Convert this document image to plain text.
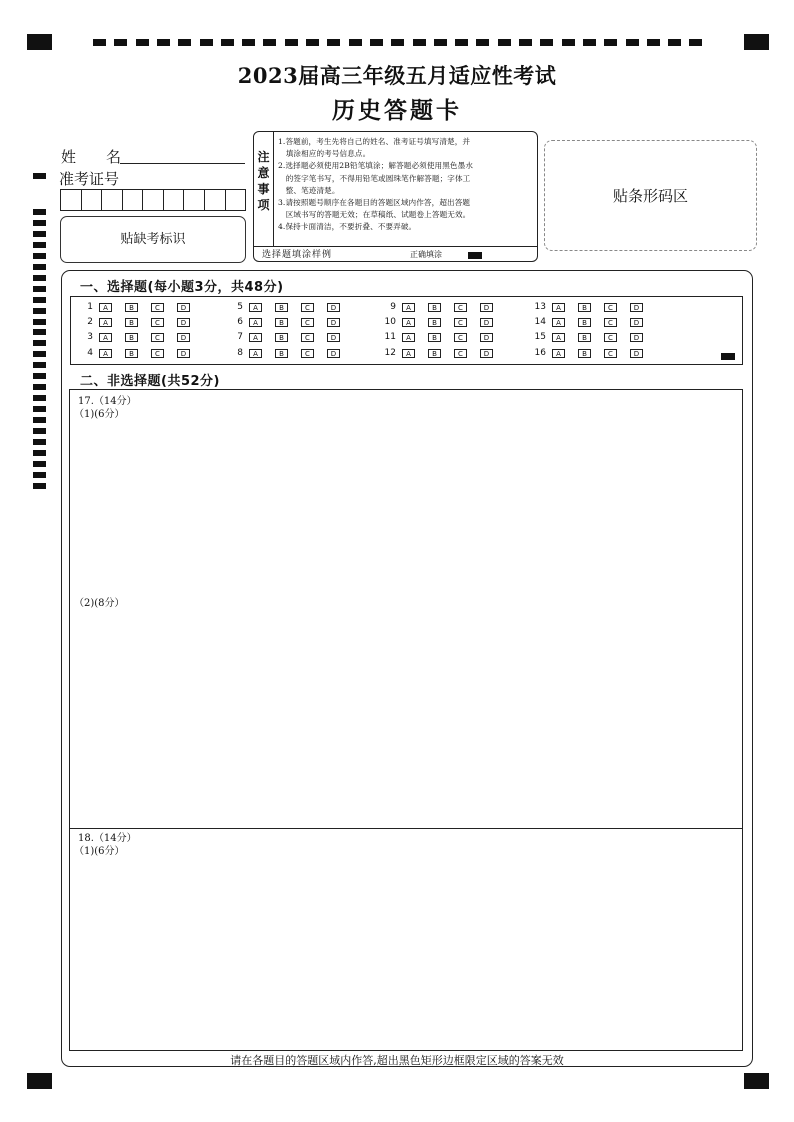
2023届高三年级五月适应性考试
历史答题卡
姓　　名
准考证号
贴缺考标识
注
意
事
项
1.答题前，考生先将自己的姓名、准考证号填写清楚，并
　填涂相应的考号信息点。
2.选择题必须使用2B铅笔填涂；解答题必须使用黑色墨水
　的签字笔书写，不得用铅笔或圆珠笔作解答题；字体工
　整、笔迹清楚。
3.请按照题号顺序在各题目的答题区域内作答，超出答题
　区域书写的答题无效；在草稿纸、试题卷上答题无效。
4.保持卡面清洁，不要折叠、不要弄破。
选择题填涂样例	正确填涂
贴条形码区
一、选择题(每小题3分，共48分)
1	A	B	C	D
2	A	B	C	D
3	A	B	C	D
4	A	B	C	D
5	A	B	C	D
6	A	B	C	D
7	A	B	C	D
8	A	B	C	D
9	A	B	C	D
10	A	B	C	D
11	A	B	C	D
12	A	B	C	D
13	A	B	C	D
14	A	B	C	D
15	A	B	C	D
16	A	B	C	D
二、非选择题(共52分)
17.（14分）
（1)(6分）
（2)(8分）
18.（14分）
（1)(6分）
请在各题目的答题区域内作答,超出黑色矩形边框限定区域的答案无效
